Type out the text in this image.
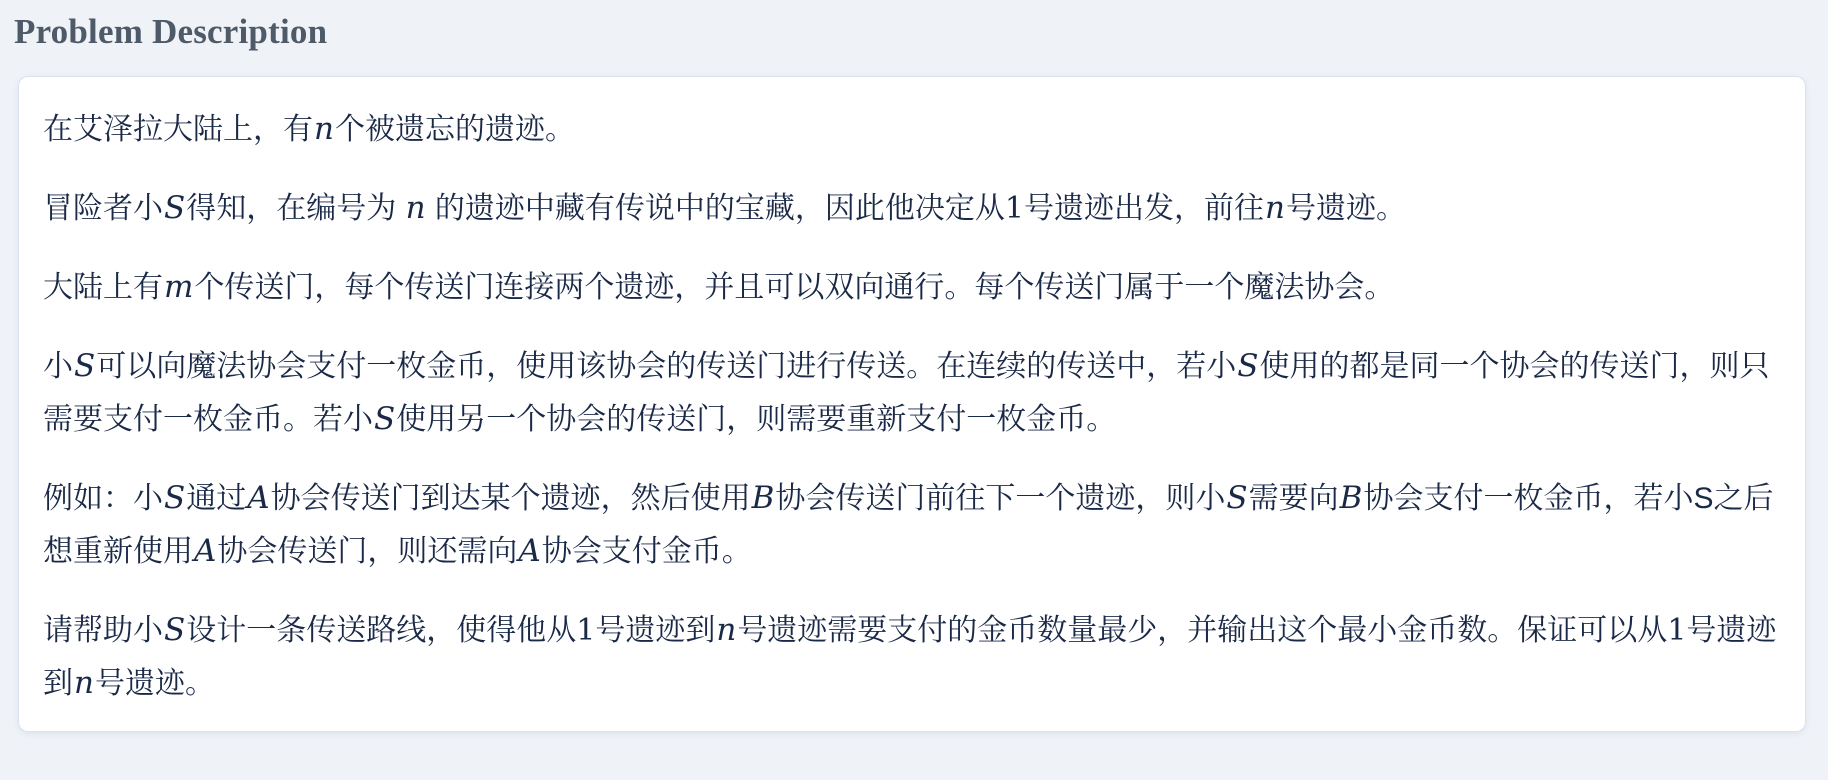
Problem Description

在艾泽拉大陆上，有n个被遗忘的遗迹。

冒险者小S得知，在编号为 n 的遗迹中藏有传说中的宝藏，因此他决定从1号遗迹出发，前往n号遗迹。

大陆上有m个传送门，每个传送门连接两个遗迹，并且可以双向通行。每个传送门属于一个魔法协会。

小S可以向魔法协会支付一枚金币，使用该协会的传送门进行传送。在连续的传送中，若小S使用的都是同一个协会的传送门，则只需要支付一枚金币。若小S使用另一个协会的传送门，则需要重新支付一枚金币。

例如：小S通过A协会传送门到达某个遗迹，然后使用B协会传送门前往下一个遗迹，则小S需要向B协会支付一枚金币，若小S之后想重新使用A协会传送门，则还需向A协会支付金币。

请帮助小S设计一条传送路线，使得他从1号遗迹到n号遗迹需要支付的金币数量最少，并输出这个最小金币数。保证可以从1号遗迹到n号遗迹。
